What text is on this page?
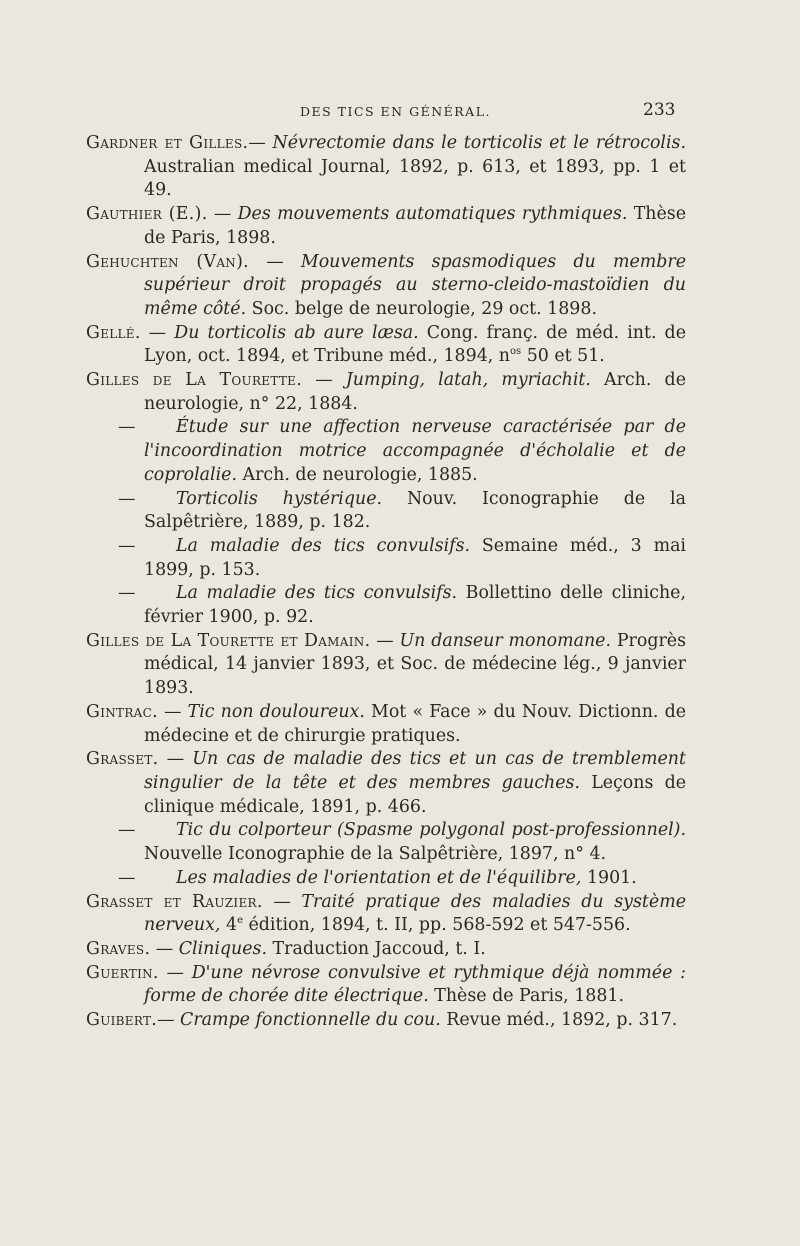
DES TICS EN GÉNÉRAL.	233

Gardner et Gilles.— Névrectomie dans le torticolis et le rétrocolis. Australian medical Journal, 1892, p. 613, et 1893, pp. 1 et 49.

Gauthier (E.). — Des mouvements automatiques rythmiques. Thèse de Paris, 1898.

Gehuchten (Van). — Mouvements spasmodiques du membre supérieur droit propagés au sterno-cleido-mastoïdien du même côté. Soc. belge de neurologie, 29 oct. 1898.

Gellé. — Du torticolis ab aure læsa. Cong. franç. de méd. int. de Lyon, oct. 1894, et Tribune méd., 1894, $n^{os}$ 50 et 51.

Gilles de La Tourette. — Jumping, latah, myriachit. Arch. de neurologie, n° 22, 1884.

— Étude sur une affection nerveuse caractérisée par de l'incoordination motrice accompagnée d'écholalie et de coprolalie. Arch. de neurologie, 1885.

— Torticolis hystérique. Nouv. Iconographie de la Salpêtrière, 1889, p. 182.

— La maladie des tics convulsifs. Semaine méd., 3 mai 1899, p. 153.

— La maladie des tics convulsifs. Bollettino delle cliniche, février 1900, p. 92.

Gilles de La Tourette et Damain. — Un danseur monomane. Progrès médical, 14 janvier 1893, et Soc. de médecine lég., 9 janvier 1893.

Gintrac. — Tic non douloureux. Mot « Face » du Nouv. Dictionn. de médecine et de chirurgie pratiques.

Grasset. — Un cas de maladie des tics et un cas de tremblement singulier de la tête et des membres gauches. Leçons de clinique médicale, 1891, p. 466.

— Tic du colporteur (Spasme polygonal post-professionnel). Nouvelle Iconographie de la Salpêtrière, 1897, n° 4.

— Les maladies de l'orientation et de l'équilibre, 1901.

Grasset et Rauzier. — Traité pratique des maladies du système nerveux, 4e édition, 1894, t. II, pp. 568-592 et 547-556.

Graves. — Cliniques. Traduction Jaccoud, t. I.

Guertin. — D'une névrose convulsive et rythmique déjà nommée : forme de chorée dite électrique. Thèse de Paris, 1881.

Guibert.— Crampe fonctionnelle du cou. Revue méd., 1892, p. 317.
